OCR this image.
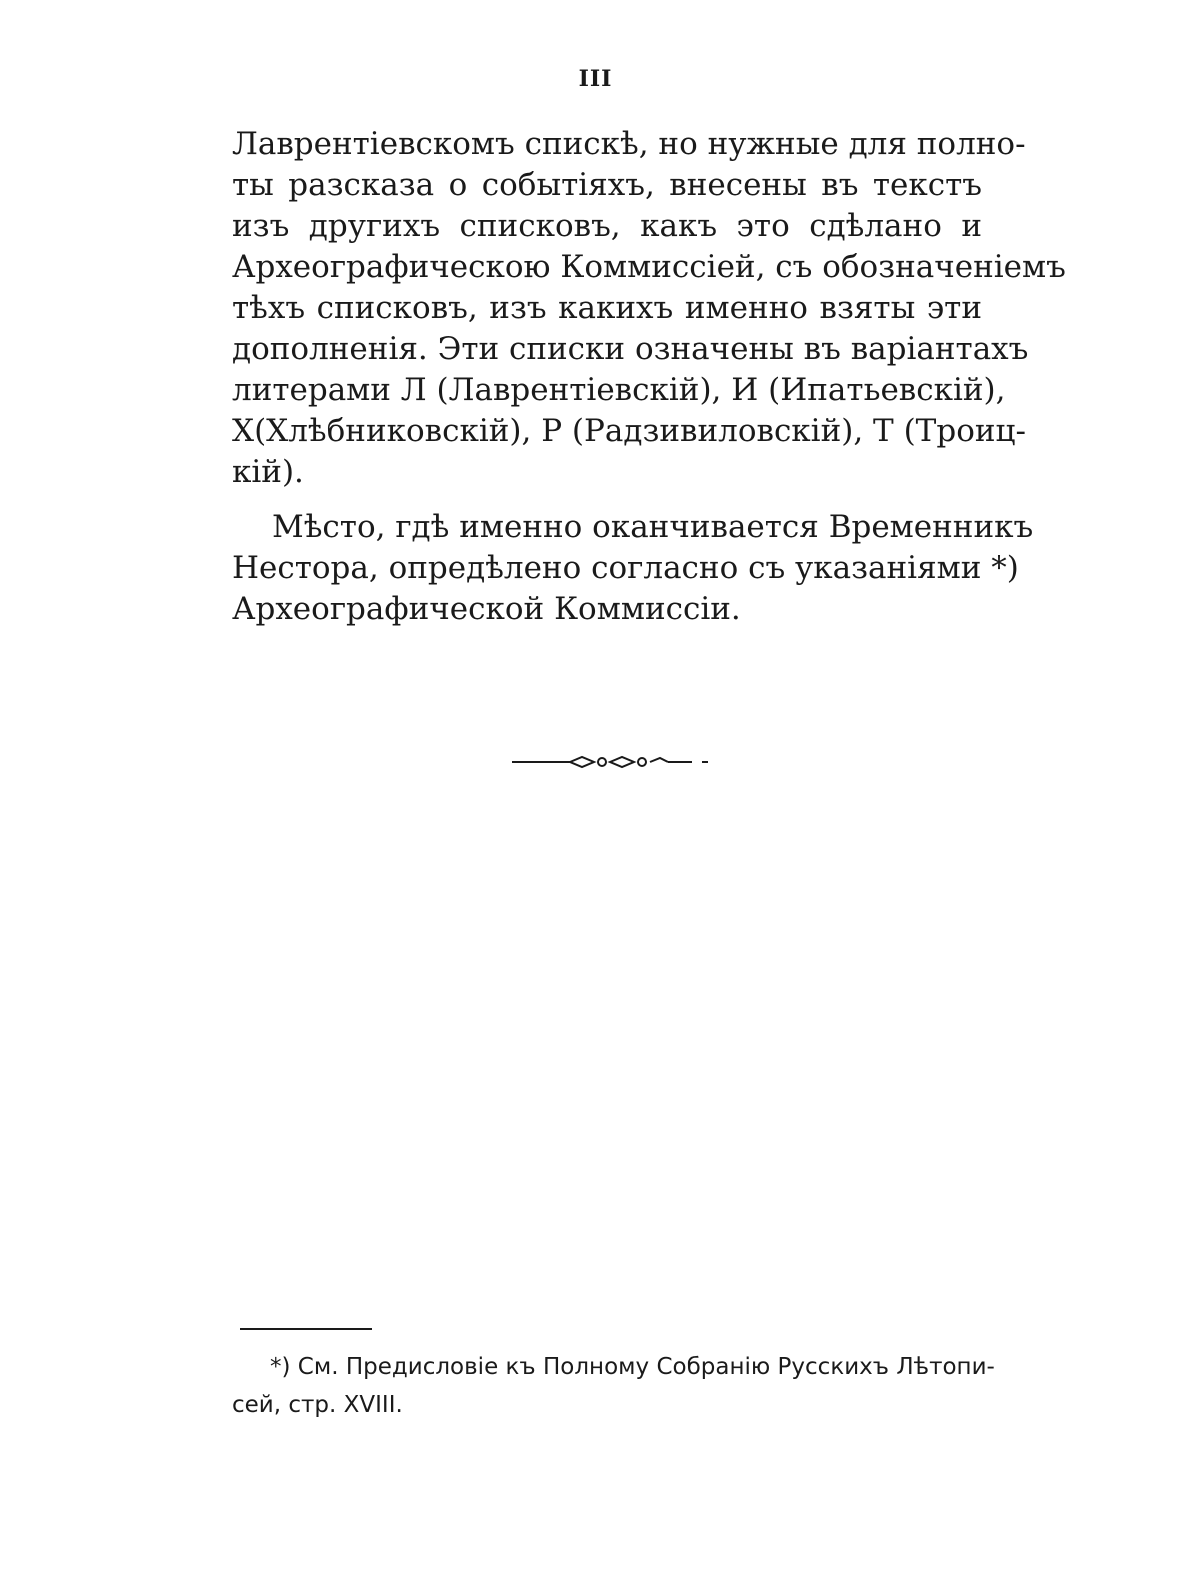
III
Лаврентiевскомъ спискѣ, но нужные для полно-
ты разсказа о событiяхъ, внесены въ текстъ
изъ другихъ списковъ, какъ это сдѣлано и
Археографическою Коммиссiей, съ обозначенiемъ
тѣхъ списковъ, изъ какихъ именно взяты эти
дополненiя. Эти списки означены въ варiантахъ
литерами Л (Лаврентiевскiй), И (Ипатьевскiй),
Х(Хлѣбниковскiй), Р (Радзивиловскiй), Т (Троиц-
кiй).
Мѣсто, гдѣ именно оканчивается Временникъ
Нестора, опредѣлено согласно съ указанiями *)
Археографической Коммиссiи.
*) См. Предисловiе къ Полному Собранiю Русскихъ Лѣтопи-
сей, стр. XVIII.
